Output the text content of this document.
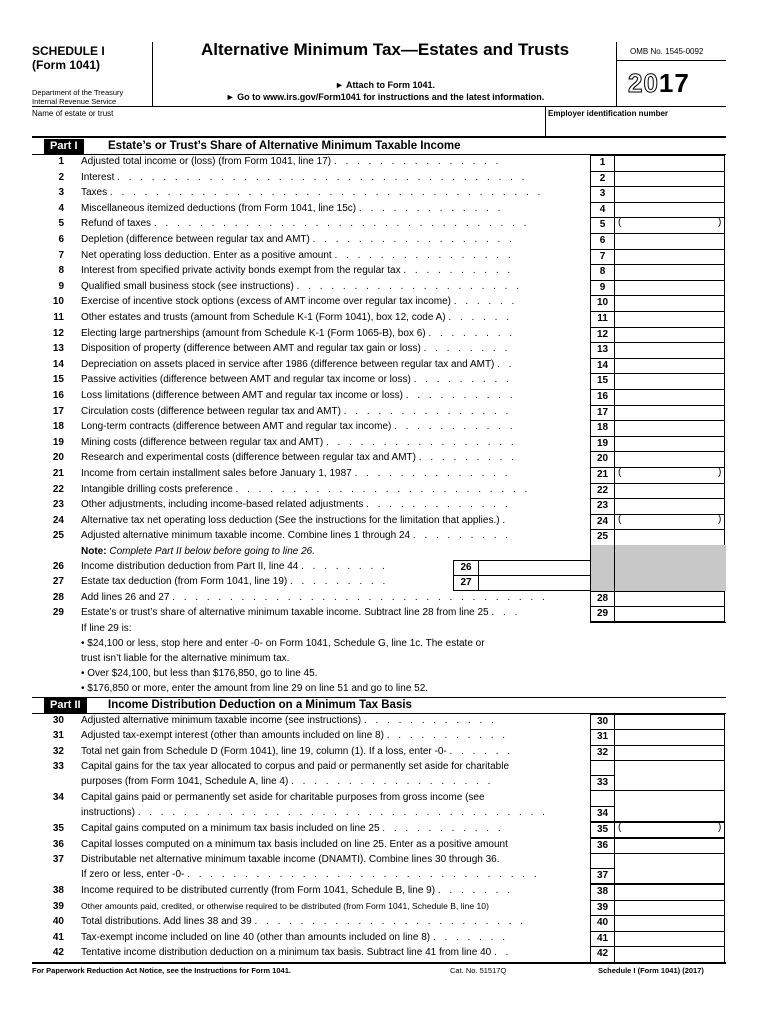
SCHEDULE I
(Form 1041)
Department of the Treasury
Internal Revenue Service
Alternative Minimum Tax—Estates and Trusts
► Attach to Form 1041.
► Go to www.irs.gov/Form1041 for instructions and the latest information.
OMB No. 1545-0092
2017
Name of estate or trust	Employer identification number
Part I	Estate’s or Trust’s Share of Alternative Minimum Taxable Income
1 Adjusted total income or (loss) (from Form 1041, line 17) . . . . . . . . . . . . . . .	1
2 Interest . . . . . . . . . . . . . . . . . . . . . . . . . . . . . . . . . . . .	2
3 Taxes . . . . . . . . . . . . . . . . . . . . . . . . . . . . . . . . . . . . . .	3
4 Miscellaneous itemized deductions (from Form 1041, line 15c) . . . . . . . . . . . . .	4
5 Refund of taxes . . . . . . . . . . . . . . . . . . . . . . . . . . . . . . . . .	5	(	)
6 Depletion (difference between regular tax and AMT) . . . . . . . . . . . . . . . . . .	6
7 Net operating loss deduction. Enter as a positive amount . . . . . . . . . . . . . . . .	7
8 Interest from specified private activity bonds exempt from the regular tax . . . . . . . . . .	8
9 Qualified small business stock (see instructions) . . . . . . . . . . . . . . . . . . . .	9
10 Exercise of incentive stock options (excess of AMT income over regular tax income) . . . . . .	10
11 Other estates and trusts (amount from Schedule K-1 (Form 1041), box 12, code A) . . . . . .	11
12 Electing large partnerships (amount from Schedule K-1 (Form 1065-B), box 6) . . . . . . . .	12
13 Disposition of property (difference between AMT and regular tax gain or loss) . . . . . . . .	13
14 Depreciation on assets placed in service after 1986 (difference between regular tax and AMT) . .	14
15 Passive activities (difference between AMT and regular tax income or loss) . . . . . . . . .	15
16 Loss limitations (difference between AMT and regular tax income or loss) . . . . . . . . . .	16
17 Circulation costs (difference between regular tax and AMT) . . . . . . . . . . . . . . .	17
18 Long-term contracts (difference between AMT and regular tax income) . . . . . . . . . . .	18
19 Mining costs (difference between regular tax and AMT) . . . . . . . . . . . . . . . . .	19
20 Research and experimental costs (difference between regular tax and AMT) . . . . . . . . .	20
21 Income from certain installment sales before January 1, 1987 . . . . . . . . . . . . . .	21 (	)
22 Intangible drilling costs preference . . . . . . . . . . . . . . . . . . . . . . . . . .	22
23 Other adjustments, including income-based related adjustments . . . . . . . . . . . . .	23
24 Alternative tax net operating loss deduction (See the instructions for the limitation that applies.) .	24 (	)
25 Adjusted alternative minimum taxable income. Combine lines 1 through 24 . . . . . . . . .	25
Note: Complete Part II below before going to line 26.
26 Income distribution deduction from Part II, line 44 . . . . . . . .	26
27 Estate tax deduction (from Form 1041, line 19) . . . . . . . . .	27
28 Add lines 26 and 27 . . . . . . . . . . . . . . . . . . . . . . . . . . . . . . . . .	28
29 Estate’s or trust’s share of alternative minimum taxable income. Subtract line 28 from line 25 . . .	29
If line 29 is:
• $24,100 or less, stop here and enter -0- on Form 1041, Schedule G, line 1c. The estate or
trust isn’t liable for the alternative minimum tax.
• Over $24,100, but less than $176,850, go to line 45.
• $176,850 or more, enter the amount from line 29 on line 51 and go to line 52.
Part II	Income Distribution Deduction on a Minimum Tax Basis
30 Adjusted alternative minimum taxable income (see instructions) . . . . . . . . . . . .	30
31 Adjusted tax-exempt interest (other than amounts included on line 8) . . . . . . . . . . .	31
32 Total net gain from Schedule D (Form 1041), line 19, column (1). If a loss, enter -0- . . . . . .	32
33 Capital gains for the tax year allocated to corpus and paid or permanently set aside for charitable
purposes (from Form 1041, Schedule A, line 4) . . . . . . . . . . . . . . . . . .	33
34 Capital gains paid or permanently set aside for charitable purposes from gross income (see
instructions) . . . . . . . . . . . . . . . . . . . . . . . . . . . . . . . . . . . .	34
35 Capital gains computed on a minimum tax basis included on line 25 . . . . . . . . . . .	35 (	)
36 Capital losses computed on a minimum tax basis included on line 25. Enter as a positive amount	36
37 Distributable net alternative minimum taxable income (DNAMTI). Combine lines 30 through 36.
If zero or less, enter -0- . . . . . . . . . . . . . . . . . . . . . . . . . . . . . . .	37
38 Income required to be distributed currently (from Form 1041, Schedule B, line 9) . . . . . . .	38
39 Other amounts paid, credited, or otherwise required to be distributed (from Form 1041, Schedule B, line 10)	39
40 Total distributions. Add lines 38 and 39 . . . . . . . . . . . . . . . . . . . . . . . .	40
41 Tax-exempt income included on line 40 (other than amounts included on line 8) . . . . . . .	41
42 Tentative income distribution deduction on a minimum tax basis. Subtract line 41 from line 40 . .	42
For Paperwork Reduction Act Notice, see the Instructions for Form 1041.	Cat. No. 51517Q	Schedule I (Form 1041) (2017)
